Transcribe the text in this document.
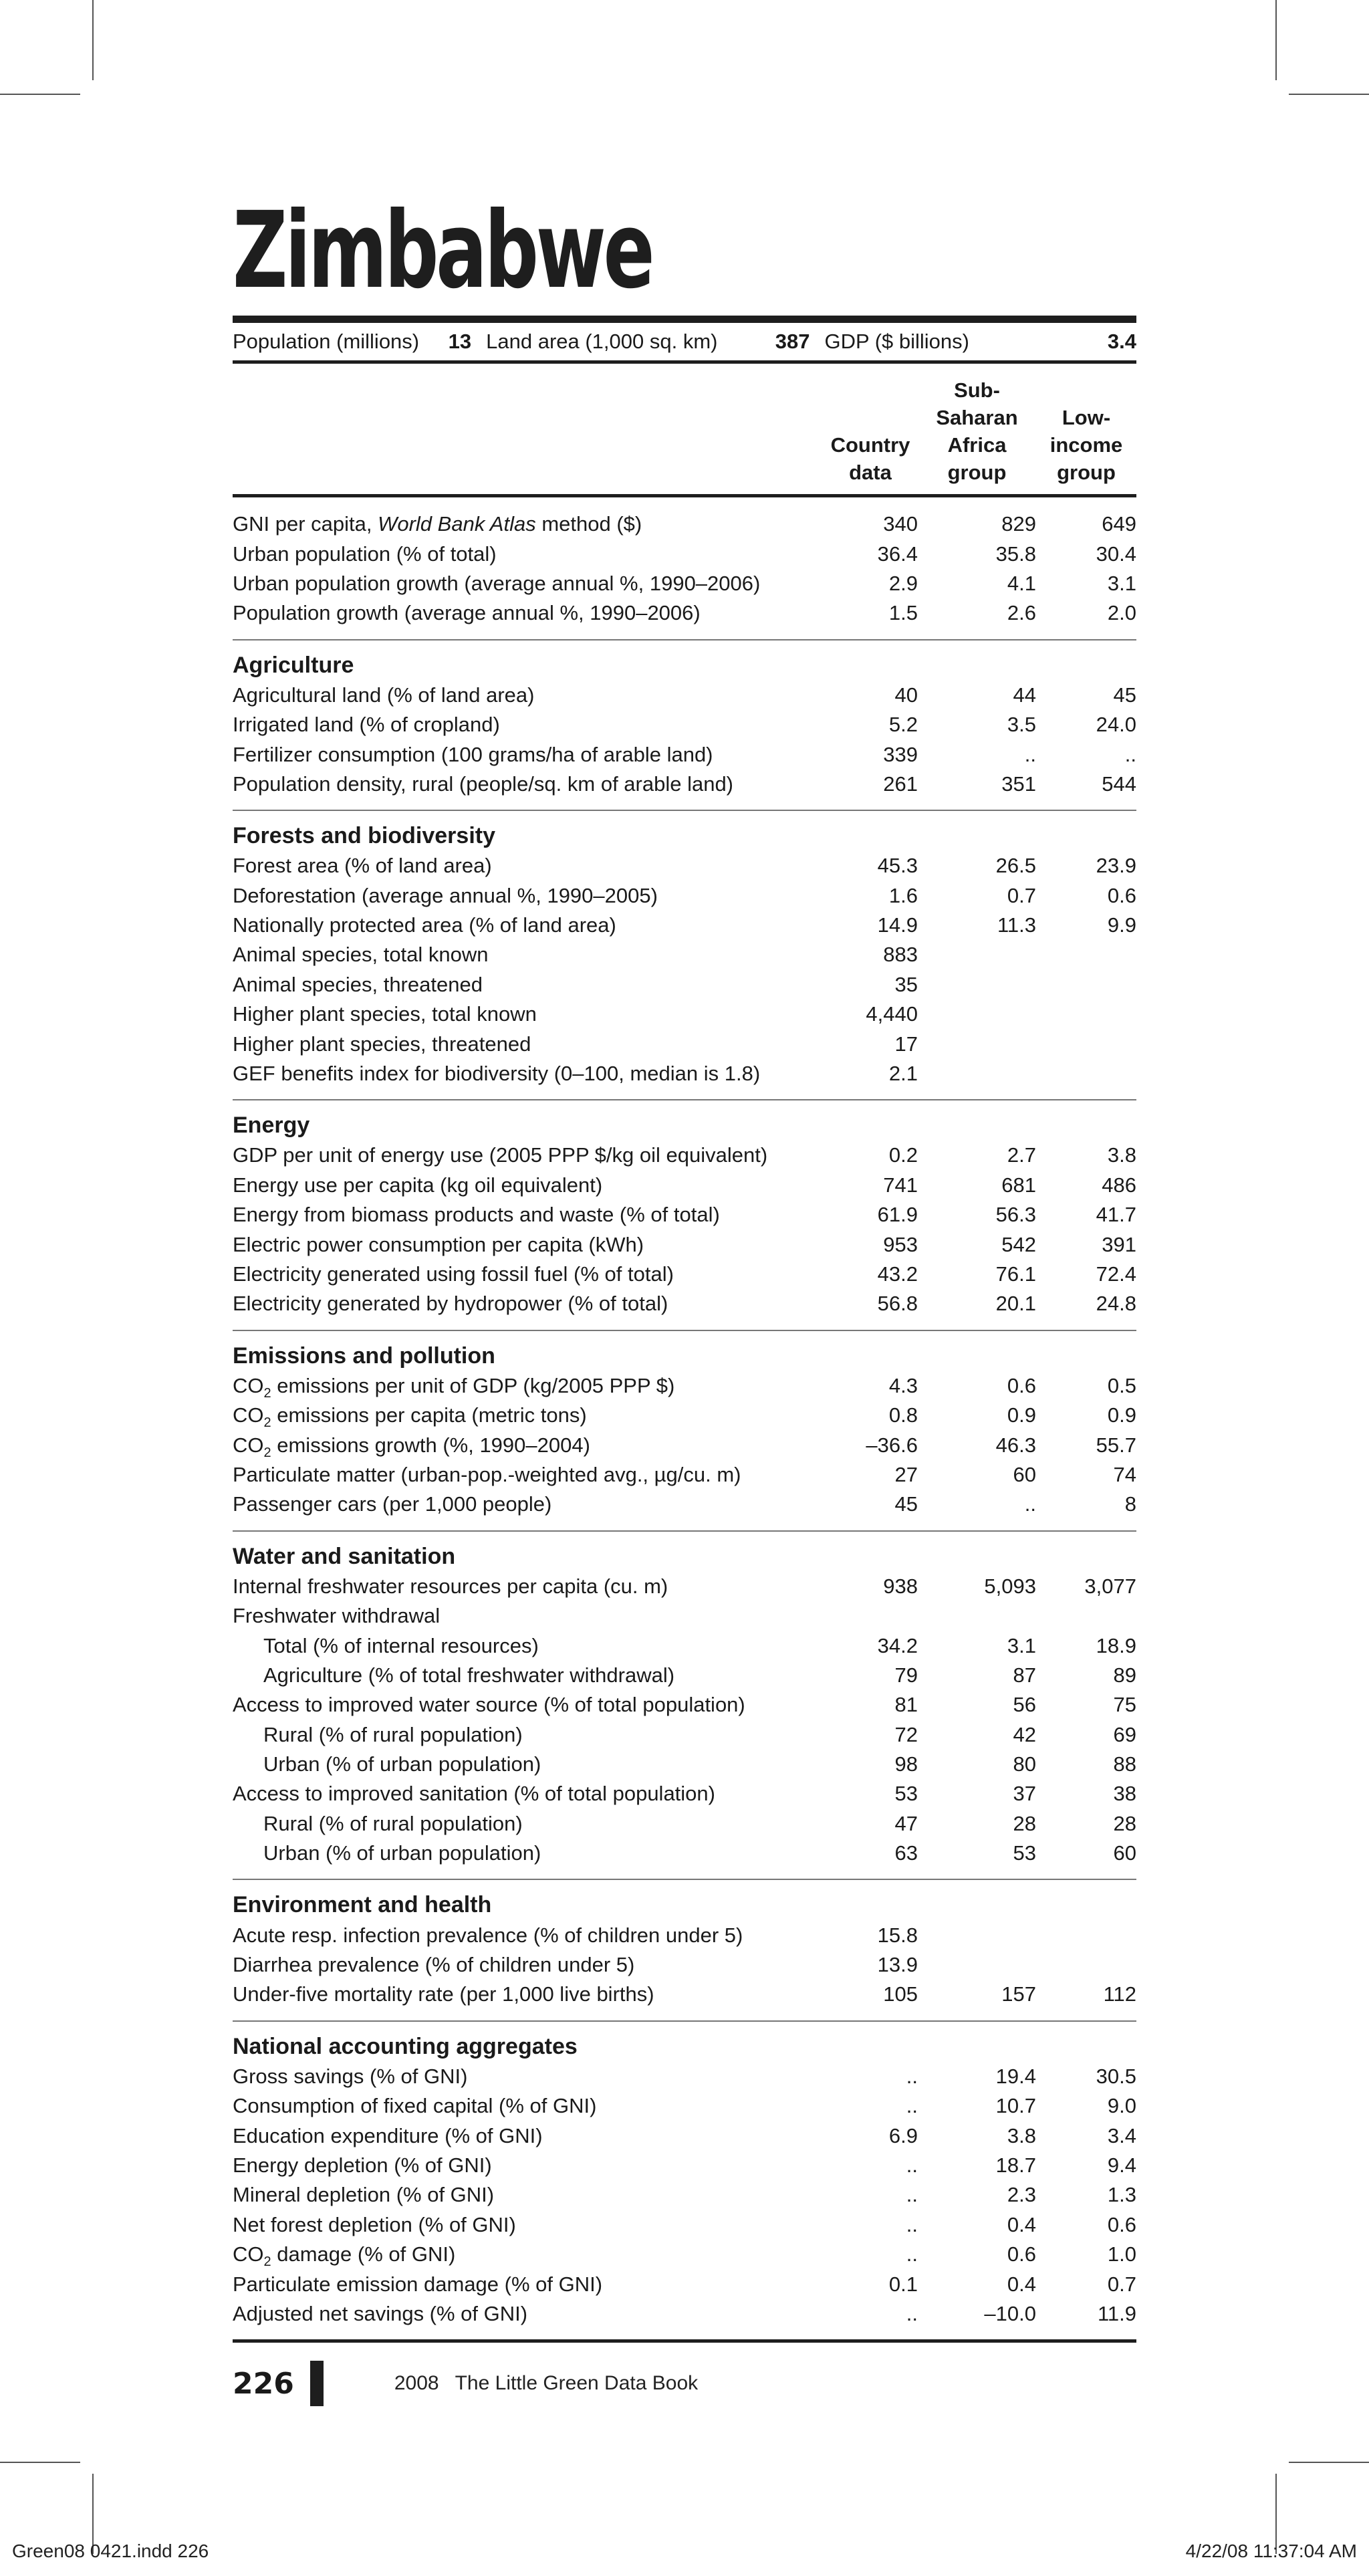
Zimbabwe
Population (millions)	13 Land area (1,000 sq. km)	387 GDP ($ billions)	3.4
Country data
Sub-Saharan Africa group
Low-income group
GNI per capita, World Bank Atlas method ($)	340	829	649
Urban population (% of total)	36.4	35.8	30.4
Urban population growth (average annual %, 1990–2006)	2.9	4.1	3.1
Population growth (average annual %, 1990–2006)	1.5	2.6	2.0
Agriculture
Agricultural land (% of land area)	40	44	45
Irrigated land (% of cropland)	5.2	3.5	24.0
Fertilizer consumption (100 grams/ha of arable land)	339	..	..
Population density, rural (people/sq. km of arable land)	261	351	544
Forests and biodiversity
Forest area (% of land area)	45.3	26.5	23.9
Deforestation (average annual %, 1990–2005)	1.6	0.7	0.6
Nationally protected area (% of land area)	14.9	11.3	9.9
Animal species, total known	883
Animal species, threatened	35
Higher plant species, total known	4,440
Higher plant species, threatened	17
GEF benefits index for biodiversity (0–100, median is 1.8)	2.1
Energy
GDP per unit of energy use (2005 PPP $/kg oil equivalent)	0.2	2.7	3.8
Energy use per capita (kg oil equivalent)	741	681	486
Energy from biomass products and waste (% of total)	61.9	56.3	41.7
Electric power consumption per capita (kWh)	953	542	391
Electricity generated using fossil fuel (% of total)	43.2	76.1	72.4
Electricity generated by hydropower (% of total)	56.8	20.1	24.8
Emissions and pollution
$CO_2$ emissions per unit of GDP (kg/2005 PPP $)	4.3	0.6	0.5
$CO_2$ emissions per capita (metric tons)	0.8	0.9	0.9
$CO_2$ emissions growth (%, 1990–2004)	–36.6	46.3	55.7
Particulate matter (urban-pop.-weighted avg., µg/cu. m)	27	60	74
Passenger cars (per 1,000 people)	45	..	8
Water and sanitation
Internal freshwater resources per capita (cu. m)	938	5,093	3,077
Freshwater withdrawal
Total (% of internal resources)	34.2	3.1	18.9
Agriculture (% of total freshwater withdrawal)	79	87	89
Access to improved water source (% of total population)	81	56	75
Rural (% of rural population)	72	42	69
Urban (% of urban population)	98	80	88
Access to improved sanitation (% of total population)	53	37	38
Rural (% of rural population)	47	28	28
Urban (% of urban population)	63	53	60
Environment and health
Acute resp. infection prevalence (% of children under 5)	15.8
Diarrhea prevalence (% of children under 5)	13.9
Under-five mortality rate (per 1,000 live births)	105	157	112
National accounting aggregates
Gross savings (% of GNI)	..	19.4	30.5
Consumption of fixed capital (% of GNI)	..	10.7	9.0
Education expenditure (% of GNI)	6.9	3.8	3.4
Energy depletion (% of GNI)	..	18.7	9.4
Mineral depletion (% of GNI)	..	2.3	1.3
Net forest depletion (% of GNI)	..	0.4	0.6
$CO_2$ damage (% of GNI)	..	0.6	1.0
Particulate emission damage (% of GNI)	0.1	0.4	0.7
Adjusted net savings (% of GNI)	..	–10.0	11.9
226	2008 The Little Green Data Book
Green08 0421.indd 226	4/22/08 11:37:04 AM
